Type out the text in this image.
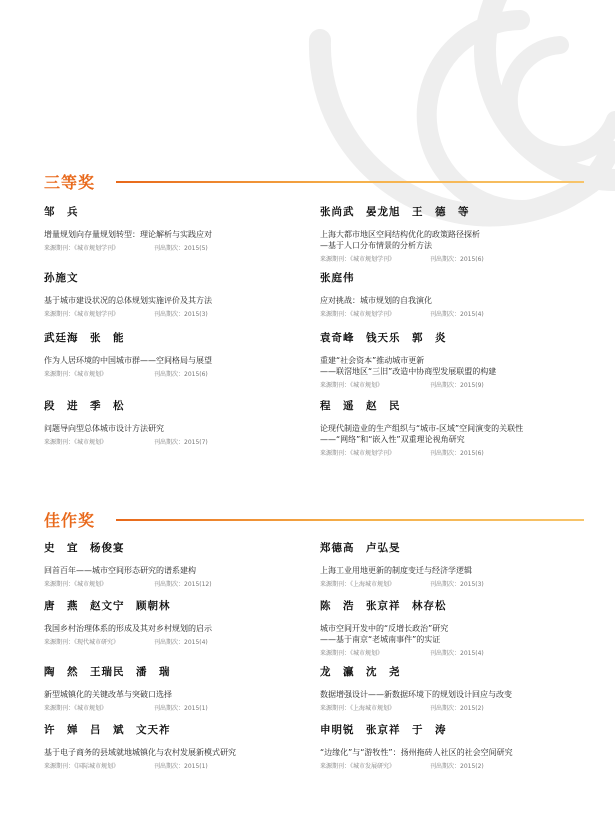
三等奖
佳作奖
邹　兵
增量规划向存量规划转型：理论解析与实践应对
来源期刊：《城市规划学刊》	刊出期次：2015(5)
张尚武　晏龙旭　王　德　等
上海大都市地区空间结构优化的政策路径探析
—基于人口分布情景的分析方法
来源期刊：《城市规划学刊》	刊出期次：2015(6)
孙施文
基于城市建设状况的总体规划实施评价及其方法
来源期刊：《城市规划学刊》	刊出期次：2015(3)
张庭伟
应对挑战：城市规划的自我演化
来源期刊：《城市规划学刊》	刊出期次：2015(4)
武廷海　张　能
作为人居环境的中国城市群——空间格局与展望
来源期刊：《城市规划》	刊出期次：2015(6)
袁奇峰　钱天乐　郭　炎
重建“社会资本”推动城市更新
——联滘地区“三旧”改造中协商型发展联盟的构建
来源期刊：《城市规划》	刊出期次：2015(9)
段　进　季　松
问题导向型总体城市设计方法研究
来源期刊：《城市规划》	刊出期次：2015(7)
程　遥　赵　民
论现代制造业的生产组织与“城市-区域”空间演变的关联性
——“网络”和“嵌入性”双重理论视角研究
来源期刊：《城市规划学刊》	刊出期次：2015(6)
史　宜　杨俊宴
回首百年——城市空间形态研究的谱系建构
来源期刊：《城市规划》	刊出期次：2015(12)
郑德高　卢弘旻
上海工业用地更新的制度变迁与经济学逻辑
来源期刊：《上海城市规划》	刊出期次：2015(3)
唐　燕　赵文宁　顾朝林
我国乡村治理体系的形成及其对乡村规划的启示
来源期刊：《现代城市研究》	刊出期次：2015(4)
陈　浩　张京祥　林存松
城市空间开发中的“反增长政治”研究
——基于南京“老城南事件”的实证
来源期刊：《城市规划》	刊出期次：2015(4)
陶　然　王瑞民　潘　瑞
新型城镇化的关键改革与突破口选择
来源期刊：《城市规划》	刊出期次：2015(1)
龙　瀛　沈　尧
数据增强设计——新数据环境下的规划设计回应与改变
来源期刊：《上海城市规划》	刊出期次：2015(2)
许　婵　吕　斌　文天祚
基于电子商务的县域就地城镇化与农村发展新模式研究
来源期刊：《国际城市规划》	刊出期次：2015(1)
申明锐　张京祥　于　涛
“边缘化”与“游牧性”：扬州拖砖人社区的社会空间研究
来源期刊：《城市发展研究》	刊出期次：2015(2)
